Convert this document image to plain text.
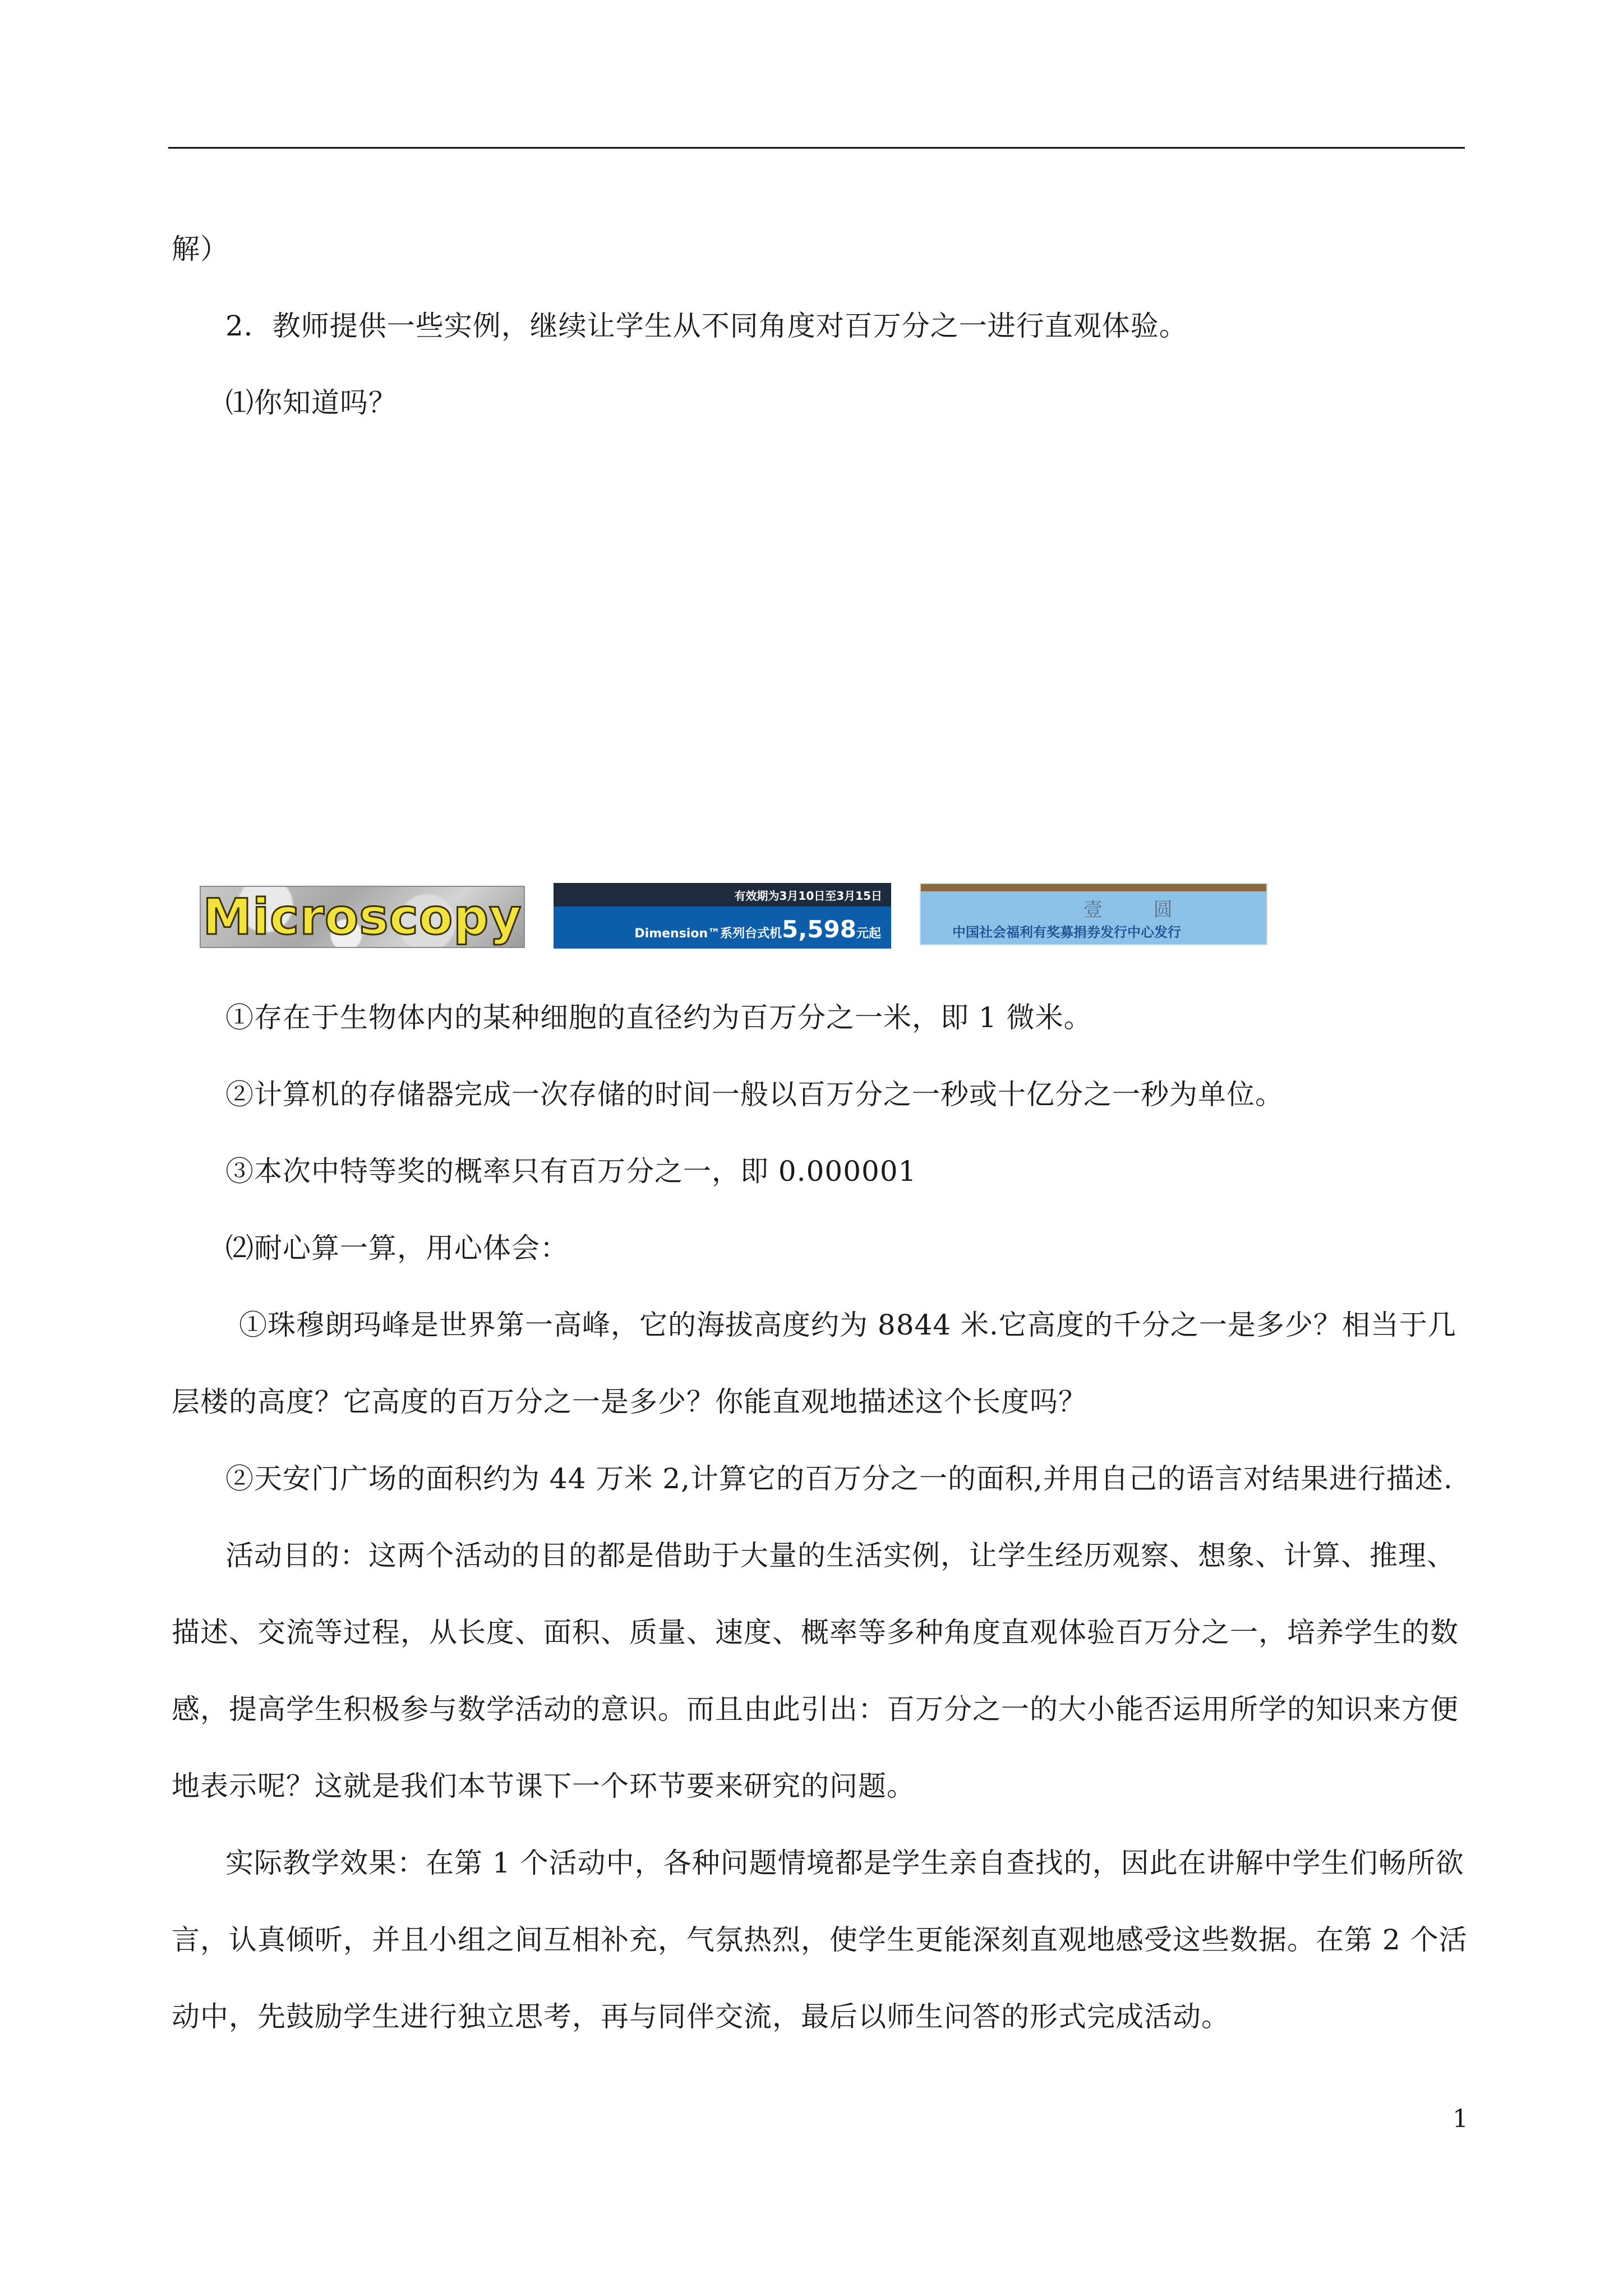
解）
2．教师提供一些实例，继续让学生从不同角度对百万分之一进行直观体验。
⑴你知道吗？
Microscopy	有效期为3月10日至3月15日
Dimension™系列台式机5,598元起
壹 圆
中国社会福利有奖募捐券发行中心发行
①存在于生物体内的某种细胞的直径约为百万分之一米，即 1 微米。
②计算机的存储器完成一次存储的时间一般以百万分之一秒或十亿分之一秒为单位。
③本次中特等奖的概率只有百万分之一，即 0.000001
⑵耐心算一算，用心体会：
①珠穆朗玛峰是世界第一高峰，它的海拔高度约为 8844 米.它高度的千分之一是多少？相当于几
层楼的高度？它高度的百万分之一是多少？你能直观地描述这个长度吗？
②天安门广场的面积约为 44 万米 2,计算它的百万分之一的面积,并用自己的语言对结果进行描述.
活动目的：这两个活动的目的都是借助于大量的生活实例，让学生经历观察、想象、计算、推理、
描述、交流等过程，从长度、面积、质量、速度、概率等多种角度直观体验百万分之一，培养学生的数
感，提高学生积极参与数学活动的意识。而且由此引出：百万分之一的大小能否运用所学的知识来方便
地表示呢？这就是我们本节课下一个环节要来研究的问题。
实际教学效果：在第 1 个活动中，各种问题情境都是学生亲自查找的，因此在讲解中学生们畅所欲
言，认真倾听，并且小组之间互相补充，气氛热烈，使学生更能深刻直观地感受这些数据。在第 2 个活
动中，先鼓励学生进行独立思考，再与同伴交流，最后以师生问答的形式完成活动。
1
